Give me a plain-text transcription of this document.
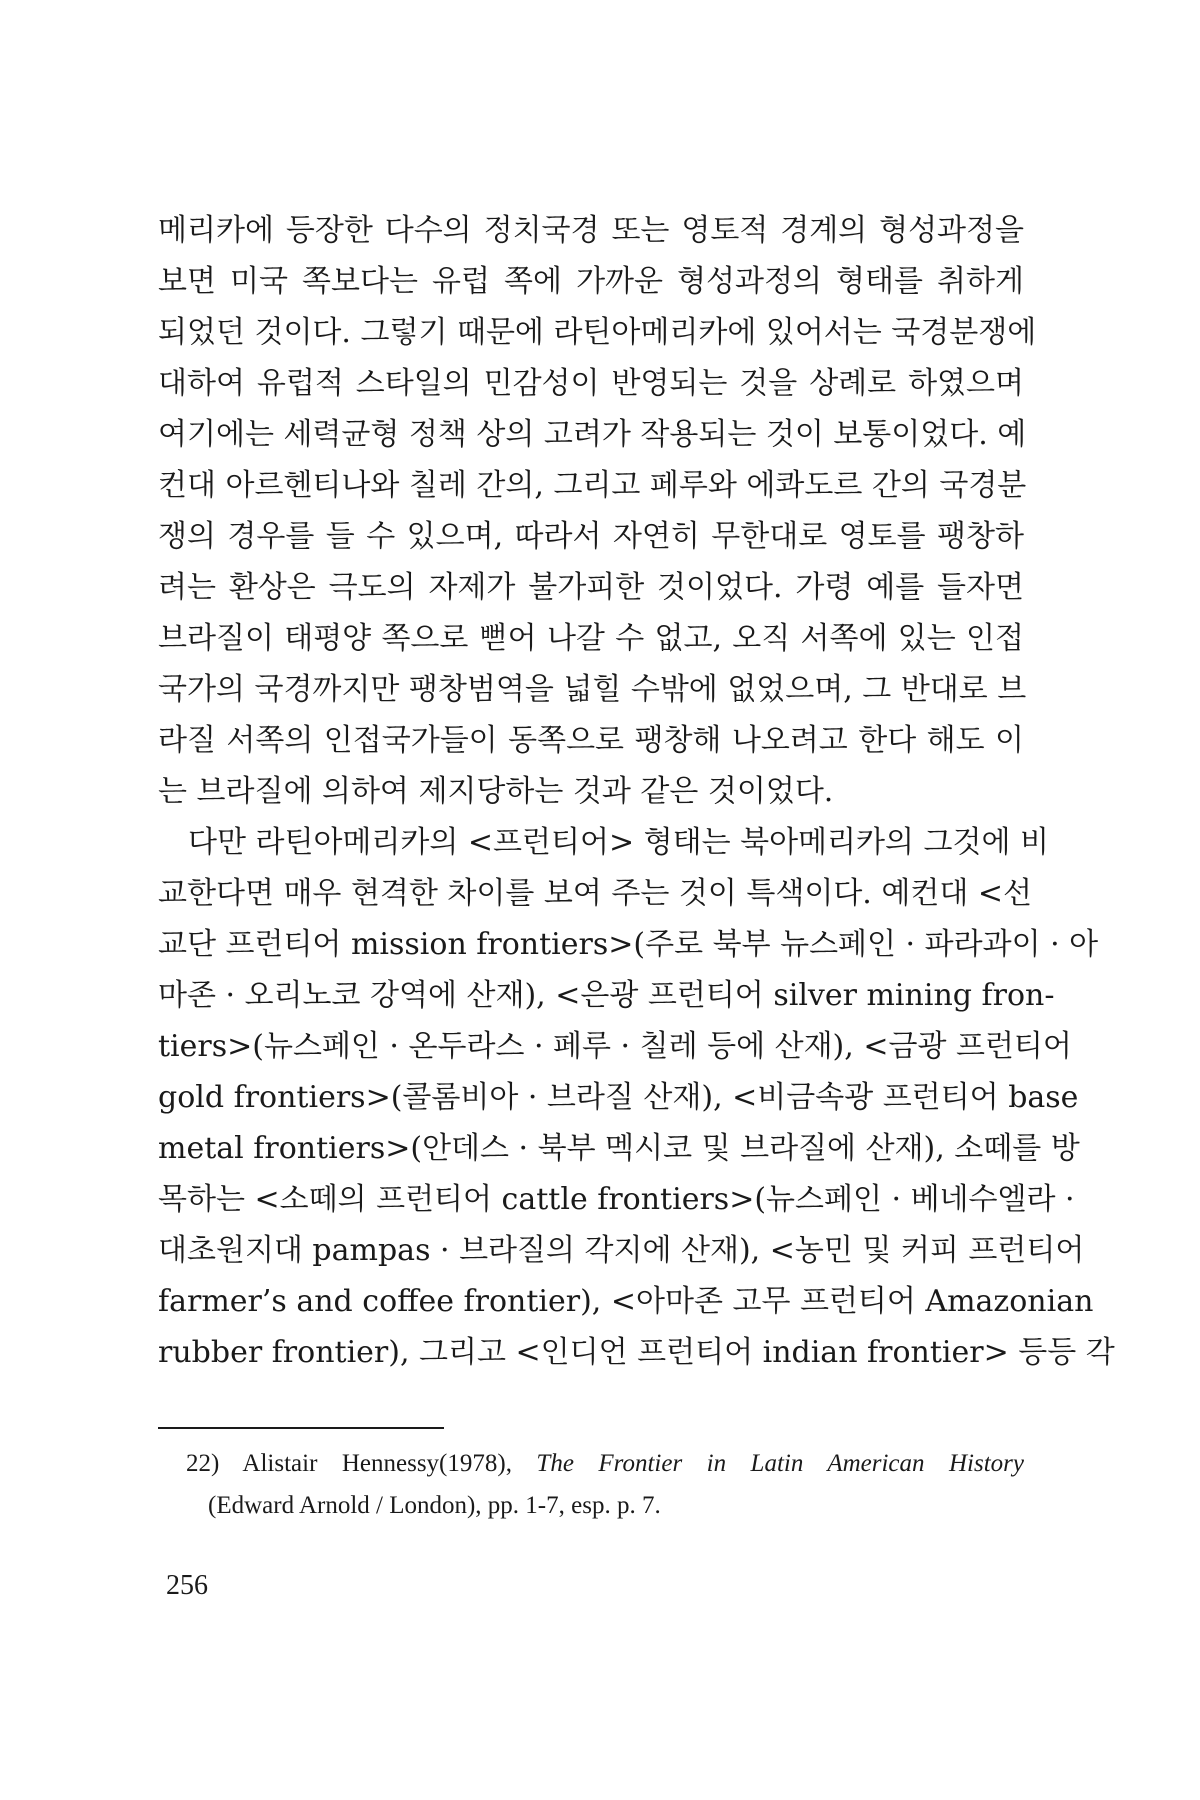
메리카에 등장한 다수의 정치국경 또는 영토적 경계의 형성과정을
보면 미국 쪽보다는 유럽 쪽에 가까운 형성과정의 형태를 취하게
되었던 것이다. 그렇기 때문에 라틴아메리카에 있어서는 국경분쟁에
대하여 유럽적 스타일의 민감성이 반영되는 것을 상례로 하였으며
여기에는 세력균형 정책 상의 고려가 작용되는 것이 보통이었다. 예
컨대 아르헨티나와 칠레 간의, 그리고 페루와 에콰도르 간의 국경분
쟁의 경우를 들 수 있으며, 따라서 자연히 무한대로 영토를 팽창하
려는 환상은 극도의 자제가 불가피한 것이었다. 가령 예를 들자면
브라질이 태평양 쪽으로 뻗어 나갈 수 없고, 오직 서쪽에 있는 인접
국가의 국경까지만 팽창범역을 넓힐 수밖에 없었으며, 그 반대로 브
라질 서쪽의 인접국가들이 동쪽으로 팽창해 나오려고 한다 해도 이
는 브라질에 의하여 제지당하는 것과 같은 것이었다.
다만 라틴아메리카의 <프런티어> 형태는 북아메리카의 그것에 비
교한다면 매우 현격한 차이를 보여 주는 것이 특색이다. 예컨대 <선
교단 프런티어 mission frontiers>(주로 북부 뉴스페인 · 파라과이 · 아
마존 · 오리노코 강역에 산재), <은광 프런티어 silver mining fron-
tiers>(뉴스페인 · 온두라스 · 페루 · 칠레 등에 산재), <금광 프런티어
gold frontiers>(콜롬비아 · 브라질 산재), <비금속광 프런티어 base
metal frontiers>(안데스 · 북부 멕시코 및 브라질에 산재), 소떼를 방
목하는 <소떼의 프런티어 cattle frontiers>(뉴스페인 · 베네수엘라 ·
대초원지대 pampas · 브라질의 각지에 산재), <농민 및 커피 프런티어
farmer’s and coffee frontier), <아마존 고무 프런티어 Amazonian
rubber frontier), 그리고 <인디언 프런티어 indian frontier> 등등 각
22) Alistair Hennessy(1978), The Frontier in Latin American History
(Edward Arnold / London), pp. 1-7, esp. p. 7.
256
